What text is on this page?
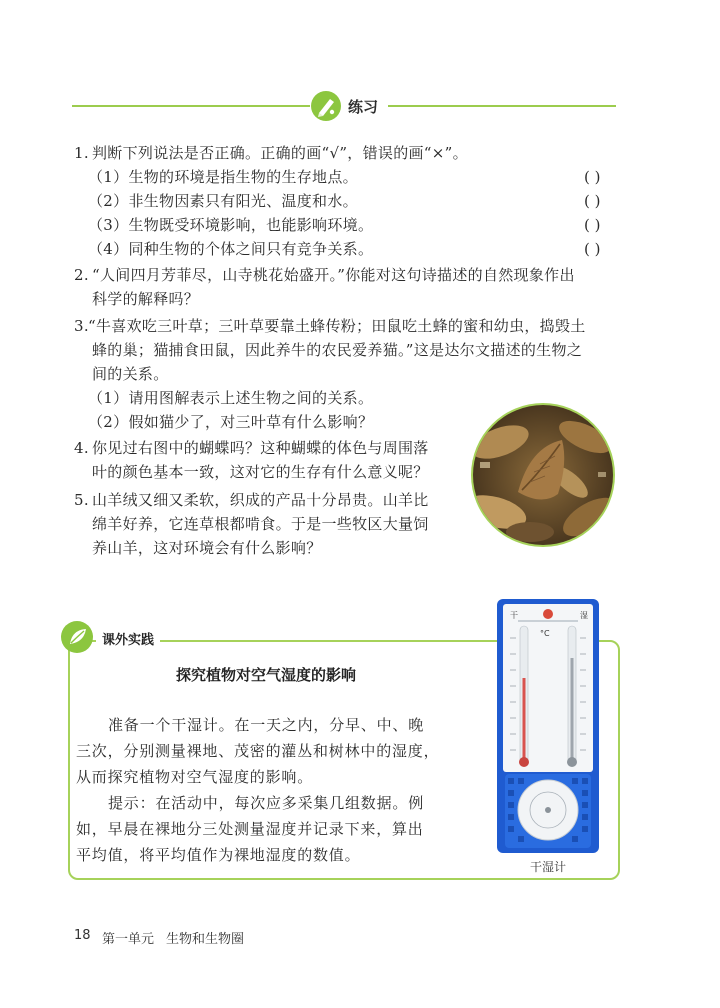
练习
1. 判断下列说法是否正确。正确的画“√”，错误的画“×”。
（1）生物的环境是指生物的生存地点。	( )
（2）非生物因素只有阳光、温度和水。	( )
（3）生物既受环境影响，也能影响环境。	( )
（4）同种生物的个体之间只有竞争关系。	( )
2. “人间四月芳菲尽，山寺桃花始盛开。”你能对这句诗描述的自然现象作出
科学的解释吗？
3. “牛喜欢吃三叶草；三叶草要靠土蜂传粉；田鼠吃土蜂的蜜和幼虫，捣毁土
蜂的巢；猫捕食田鼠，因此养牛的农民爱养猫。”这是达尔文描述的生物之
间的关系。
（1）请用图解表示上述生物之间的关系。
（2）假如猫少了，对三叶草有什么影响？
4. 你见过右图中的蝴蝶吗？这种蝴蝶的体色与周围落
叶的颜色基本一致，这对它的生存有什么意义呢？
5. 山羊绒又细又柔软，织成的产品十分昂贵。山羊比
绵羊好养，它连草根都啃食。于是一些牧区大量饲
养山羊，这对环境会有什么影响？
课外实践
探究植物对空气湿度的影响
准备一个干湿计。在一天之内，分早、中、晚
三次，分别测量裸地、茂密的灌丛和树林中的湿度，
从而探究植物对空气湿度的影响。
提示：在活动中，每次应多采集几组数据。例
如，早晨在裸地分三处测量湿度并记录下来，算出
平均值，将平均值作为裸地湿度的数值。
干	湿
°C
干湿计
18 第一单元 生物和生物圈
